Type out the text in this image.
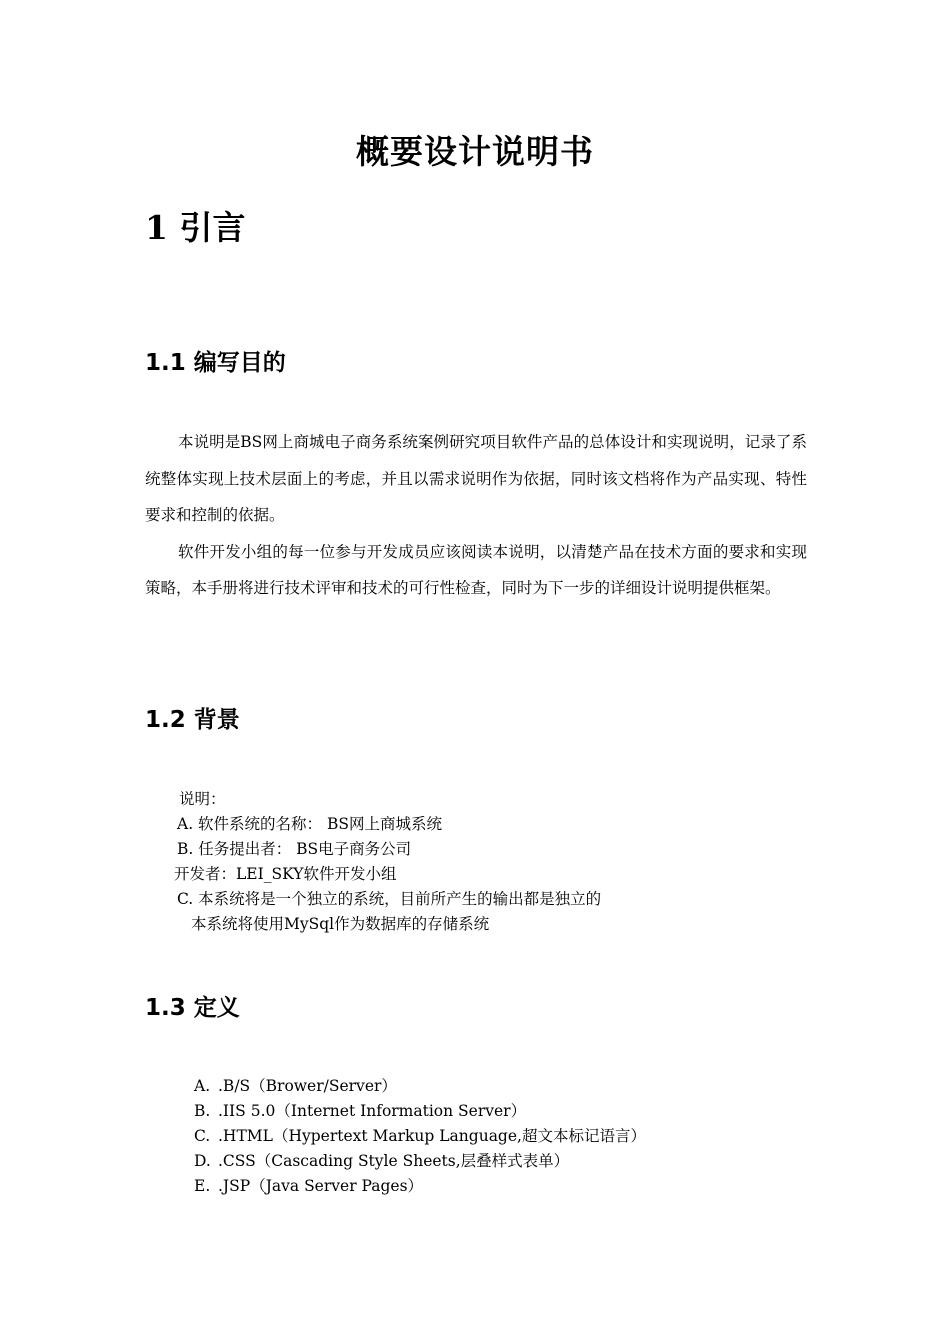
概要设计说明书
1 引言
1.1 编写目的

本说明是BS网上商城电子商务系统案例研究项目软件产品的总体设计和实现说明，记录了系统整体实现上技术层面上的考虑，并且以需求说明作为依据，同时该文档将作为产品实现、特性要求和控制的依据。

软件开发小组的每一位参与开发成员应该阅读本说明，以清楚产品在技术方面的要求和实现策略，本手册将进行技术评审和技术的可行性检查，同时为下一步的详细设计说明提供框架。

1.2 背景
说明：
A. 软件系统的名称： BS网上商城系统
B. 任务提出者： BS电子商务公司
开发者：LEI_SKY软件开发小组
C. 本系统将是一个独立的系统，目前所产生的输出都是独立的
本系统将使用MySql作为数据库的存储系统
1.3 定义
A. .B/S（Brower/Server）
B. .IIS 5.0（Internet Information Server）
C. .HTML（Hypertext Markup Language,超文本标记语言）
D. .CSS（Cascading Style Sheets,层叠样式表单）
E. .JSP（Java Server Pages）
